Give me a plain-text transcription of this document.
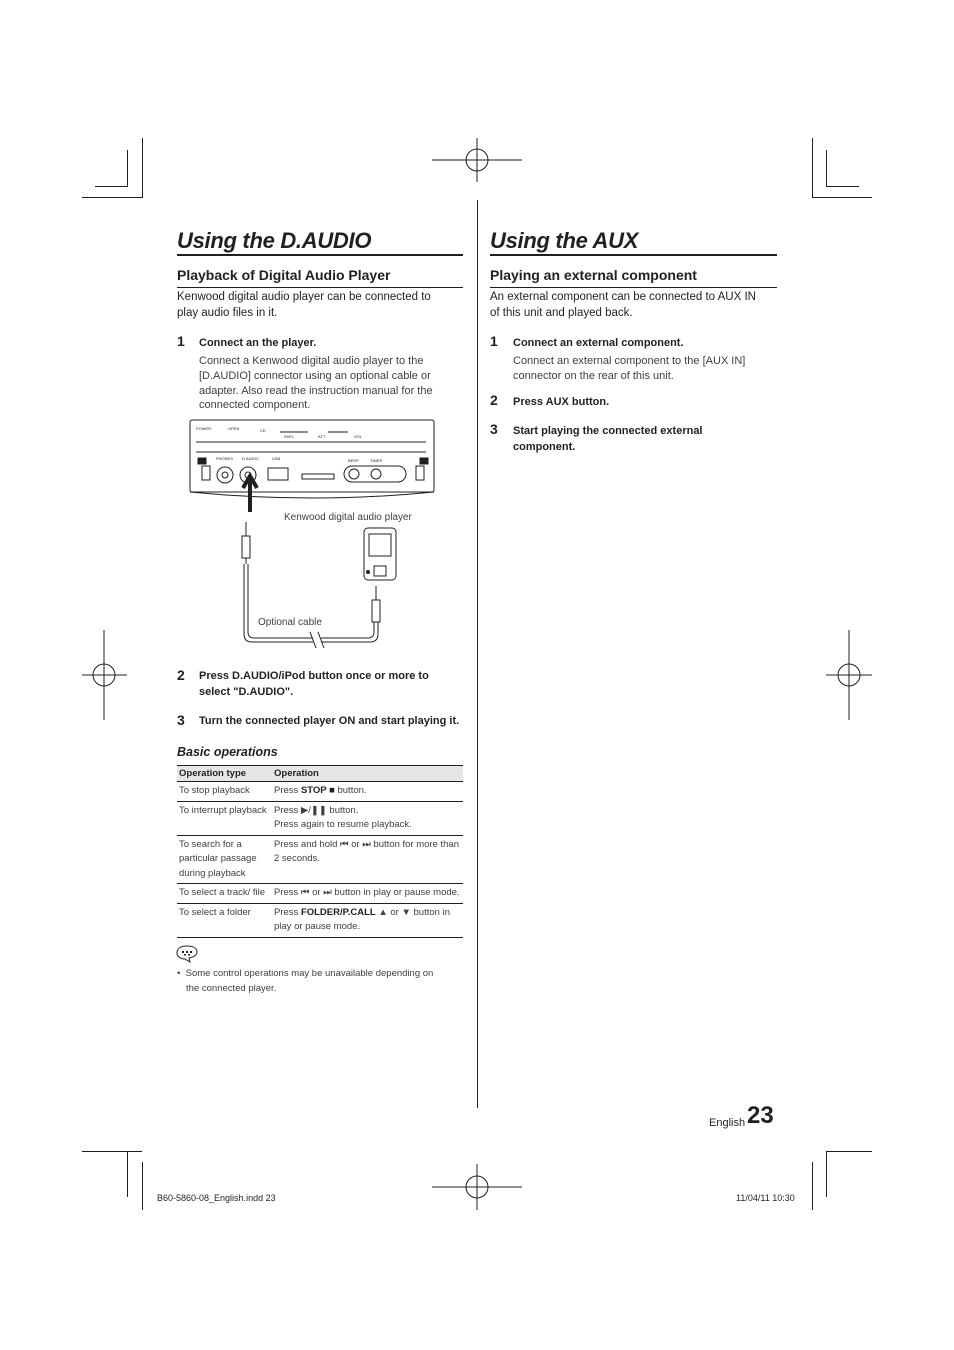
Using the D.AUDIO
Playback of Digital Audio Player
Kenwood digital audio player can be connected to
play audio files in it.
1 Connect an the player.
Connect a Kenwood digital audio player to the
[D.AUDIO] connector using an optional cable or
adapter. Also read the instruction manual for the
connected component.
POWER	OPEN	CD
SHFL	ATT	VOL
PHONES D.AUDIO	USB	BEEP	TIMER
Kenwood digital audio player
Optional cable
2 Press D.AUDIO/iPod button once or more to
select "D.AUDIO".
3 Turn the connected player ON and start playing it.
Basic operations
Operation type	Operation
To stop playback	Press STOP ■ button.
To interrupt playback	Press ▶/❚❚ button.
Press again to resume playback.

To search for a particular passage during playback	Press and hold ⏮ or ⏭ button for more than 2 seconds.
To select a track/ file	Press ⏮ or ⏭ button in play or pause mode.
To select a folder	Press FOLDER/P.CALL ▲ or ▼ button in play or pause mode.
•  Some control operations may be unavailable depending on
the connected player.
Using the AUX
Playing an external component
An external component can be connected to AUX IN
of this unit and played back.
1 Connect an external component.
Connect an external component to the [AUX IN]
connector on the rear of this unit.
2 Press AUX button.
3 Start playing the connected external
component.
English 23
B60-5860-08_English.indd 23	11/04/11 10:30
